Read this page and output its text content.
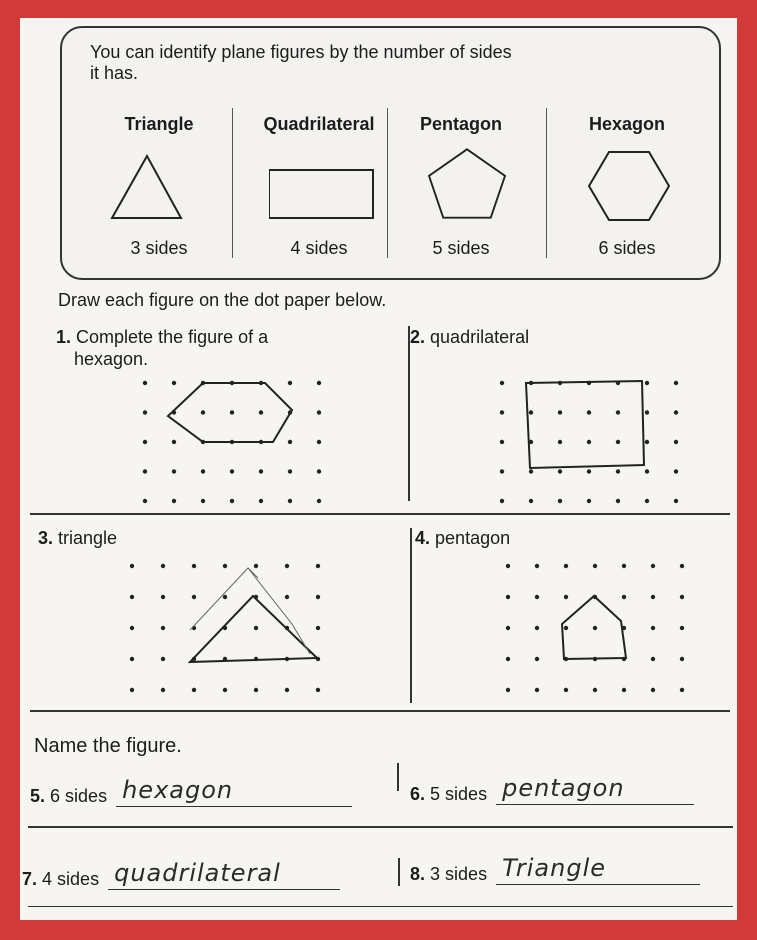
You can identify plane figures by the number of sides it has.
Triangle
3 sides
Quadrilateral
4 sides
Pentagon
5 sides
Hexagon
6 sides
Draw each figure on the dot paper below.
1. Complete the figure of a
hexagon.
2. quadrilateral
3. triangle	4. pentagon
Name the figure.
5. 6 sides hexagon	6. 5 sides pentagon
7. 4 sides quadrilateral	8. 3 sides Triangle
